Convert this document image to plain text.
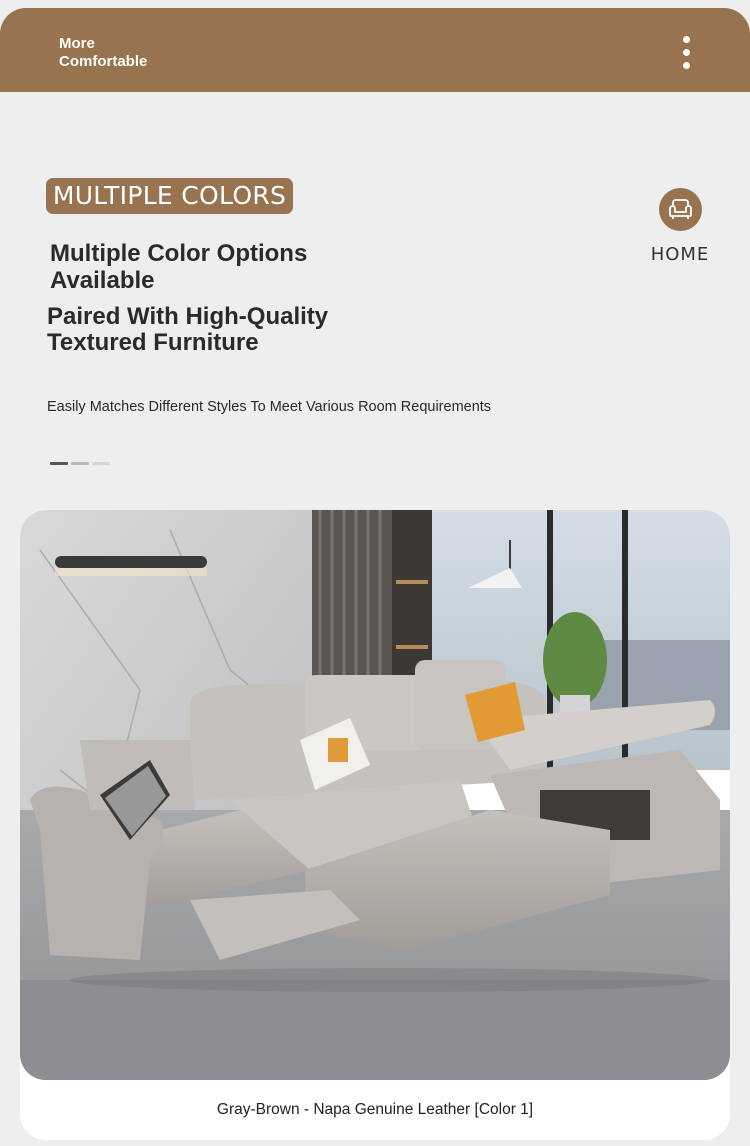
More
Comfortable
MULTIPLE COLORS
HOME
Multiple Color Options
Available
Paired With High-Quality
Textured Furniture
Easily Matches Different Styles To Meet Various Room Requirements
Gray-Brown - Napa Genuine Leather [Color 1]
